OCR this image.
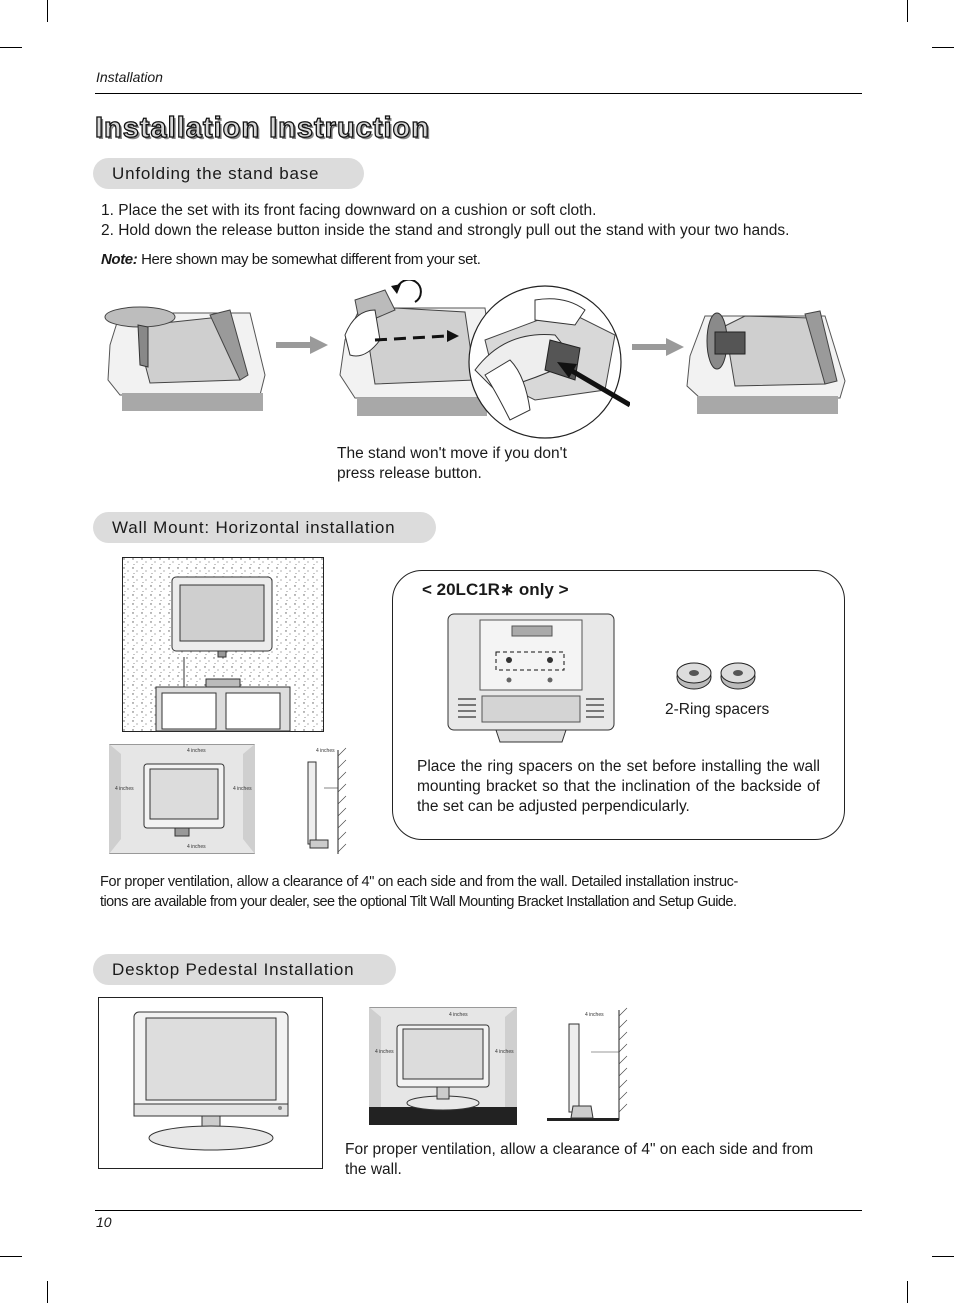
Installation
Installation Instruction
Unfolding the stand base
1. Place the set with its front facing downward on a cushion or soft cloth.
2. Hold down the release button inside the stand and strongly pull out the stand with your two hands.
Note: Here shown may be somewhat different from your set.
The stand won't move if you don't
press release button.
Wall Mount: Horizontal installation
4 inches
4 inches	4 inches
4 inches
4 inches
< 20LC1R∗ only >
2-Ring spacers
Place the ring spacers on the set before installing the wall mounting bracket so that the inclination of the backside of the set can be adjusted perpendicularly.
For proper ventilation, allow a clearance of 4" on each side and from the wall. Detailed installation instruc-
tions are available from your dealer, see the optional Tilt Wall Mounting Bracket Installation and Setup Guide.
Desktop Pedestal Installation
4 inches
4 inches	4 inches
4 inches
For proper ventilation, allow a clearance of 4" on each side and from
the wall.
10
